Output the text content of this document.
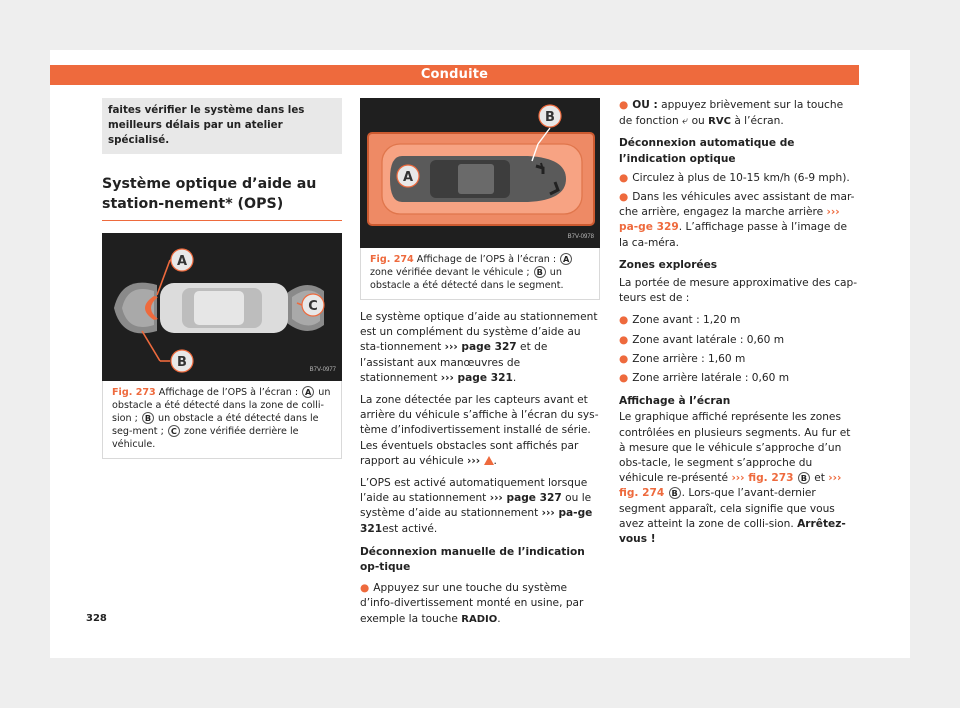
Conduite
faites vérifier le système dans les meilleurs délais par un atelier spécialisé.
Système optique d’aide au station-nement* (OPS)
A
B
C
B7V-0977
Fig. 273 Affichage de l’OPS à l’écran : A un obstacle a été détecté dans la zone de colli-sion ; B un obstacle a été détecté dans le seg-ment ; C zone vérifiée derrière le véhicule.
B
A
B7V-0978
Fig. 274 Affichage de l’OPS à l’écran : A zone vérifiée devant le véhicule ; B un obstacle a été détecté dans le segment.

Le système optique d’aide au stationnement est un complément du système d’aide au sta-tionnement ››› page 327 et de l’assistant aux manœuvres de stationnement ››› page 321.

La zone détectée par les capteurs avant et arrière du véhicule s’affiche à l’écran du sys-tème d’infodivertissement installé de série. Les éventuels obstacles sont affichés par rapport au véhicule ››› .

L’OPS est activé automatiquement lorsque l’aide au stationnement ››› page 327 ou le système d’aide au stationnement ››› pa-ge 321est activé.

Déconnexion manuelle de l’indication op-tique
● Appuyez sur une touche du système d’info-divertissement monté en usine, par exemple la touche RADIO.
● OU : appuyez brièvement sur la touche de fonction ⤶ ou RVC à l’écran.
Déconnexion automatique de l’indication optique
● Circulez à plus de 10-15 km/h (6-9 mph).
● Dans les véhicules avec assistant de mar-che arrière, engagez la marche arrière ››› pa-ge 329. L’affichage passe à l’image de la ca-méra.
Zones explorées

La portée de mesure approximative des cap-teurs est de :

● Zone avant : 1,20 m
● Zone avant latérale : 0,60 m
● Zone arrière : 1,60 m
● Zone arrière latérale : 0,60 m
Affichage à l’écran

Le graphique affiché représente les zones contrôlées en plusieurs segments. Au fur et à mesure que le véhicule s’approche d’un obs-tacle, le segment s’approche du véhicule re-présenté ››› fig. 273 B et ››› fig. 274 B . Lors-que l’avant-dernier segment apparaît, cela signifie que vous avez atteint la zone de colli-sion. Arrêtez-vous !

328
